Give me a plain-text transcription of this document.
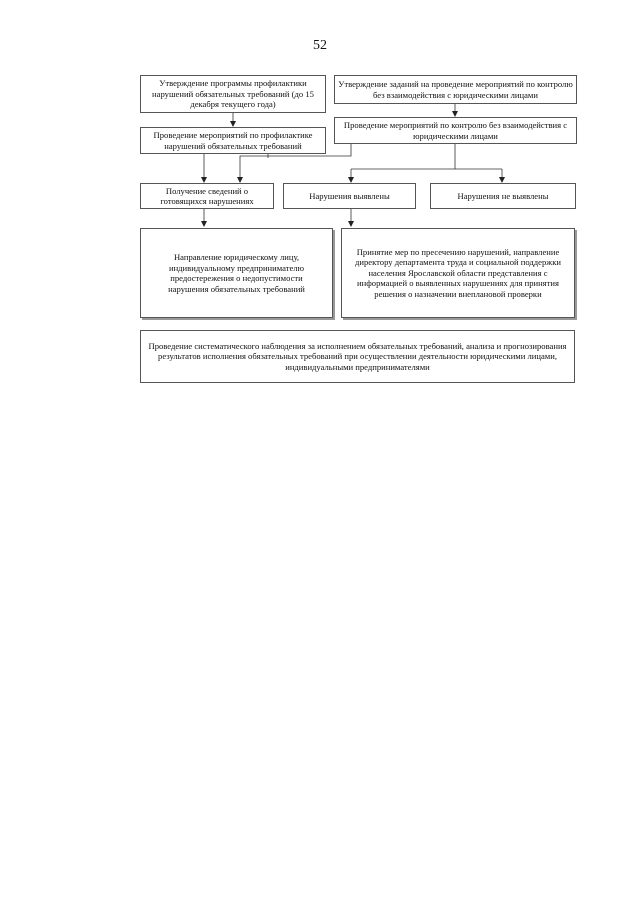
52
Утверждение программы профилактики нарушений обязательных требований (до 15 декабря текущего года)
Утверждение заданий на проведение мероприятий по контролю без взаимодействия с юридическими лицами
Проведение мероприятий по профилактике нарушений обязательных требований
Проведение мероприятий по контролю без взаимодействия с юридическими лицами
Получение сведений о готовящихся нарушениях
Нарушения выявлены	Нарушения не выявлены
Направление юридическому лицу, индивидуальному предпринимателю предостережения о недопустимости нарушения обязательных требований
Принятие мер по пресечению нарушений, направление директору департамента труда и социальной поддержки населения Ярославской области представления с информацией о выявленных нарушениях для принятия решения о назначении внеплановой проверки
Проведение систематического наблюдения за исполнением обязательных требований, анализа и прогнозирования результатов исполнения обязательных требований при осуществлении деятельности юридическими лицами, индивидуальными предпринимателями
